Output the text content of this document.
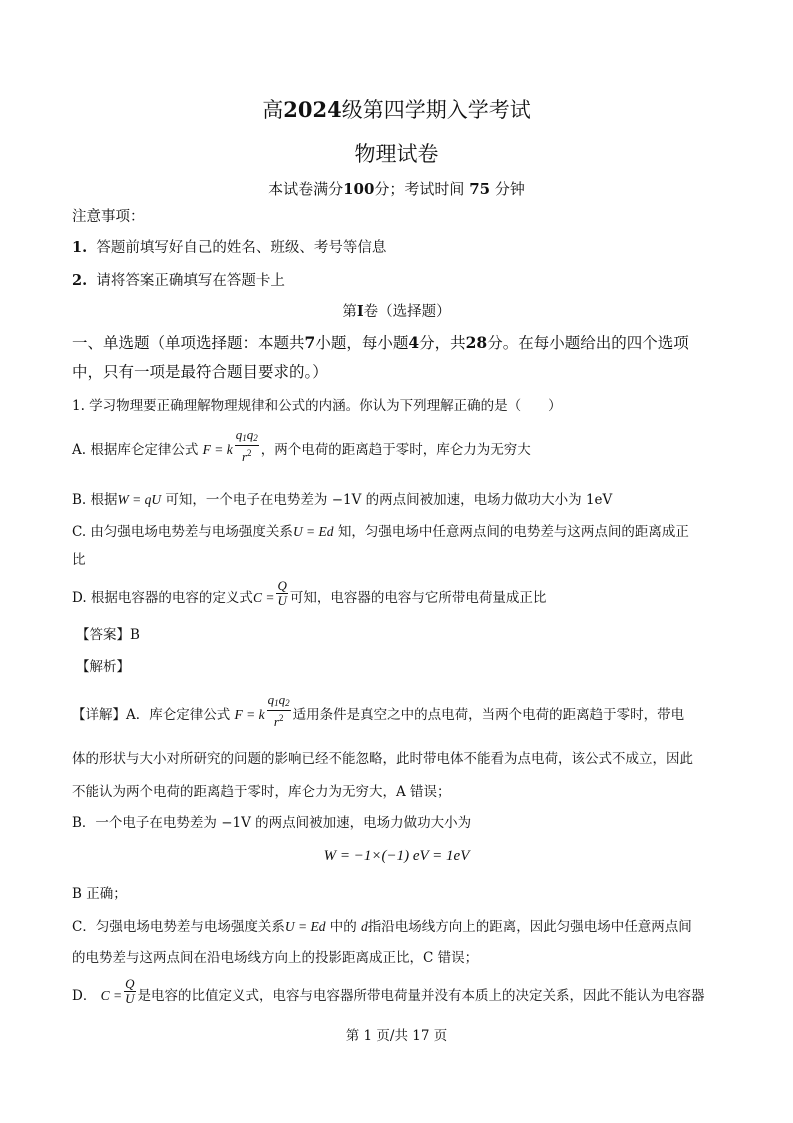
高2024级第四学期入学考试
物理试卷
本试卷满分100分；考试时间 75 分钟
注意事项：
1. 答题前填写好自己的姓名、班级、考号等信息
2. 请将答案正确填写在答题卡上
第I卷（选择题）
一、单选题（单项选择题：本题共7小题，每小题4分，共28分。在每小题给出的四个选项
中，只有一项是最符合题目要求的。）
1. 学习物理要正确理解物理规律和公式的内涵。你认为下列理解正确的是（　　）
A. 根据库仑定律公式 F = k $\frac{q_1q_2}{r^2}$ ，两个电荷的距离趋于零时，库仑力为无穷大
B. 根据W = qU 可知，一个电子在电势差为 −1V 的两点间被加速，电场力做功大小为 1eV
C. 由匀强电场电势差与电场强度关系U = Ed 知，匀强电场中任意两点间的电势差与这两点间的距离成正
比
D. 根据电容器的电容的定义式$C = \frac{Q}{U}$ 可知，电容器的电容与它所带电荷量成正比
【答案】B
【解析】
【详解】A．库仑定律公式 F = k $\frac{q_1q_2}{r^2}$ 适用条件是真空之中的点电荷，当两个电荷的距离趋于零时，带电
体的形状与大小对所研究的问题的影响已经不能忽略，此时带电体不能看为点电荷，该公式不成立，因此
不能认为两个电荷的距离趋于零时，库仑力为无穷大，A 错误；
B．一个电子在电势差为 −1V 的两点间被加速，电场力做功大小为
W = −1×(−1) eV = 1eV
B 正确；
C．匀强电场电势差与电场强度关系U = Ed 中的 d指沿电场线方向上的距离，因此匀强电场中任意两点间
的电势差与这两点间在沿电场线方向上的投影距离成正比，C 错误；
D． $C = \frac{Q}{U}$ 是电容的比值定义式，电容与电容器所带电荷量并没有本质上的决定关系，因此不能认为电容器
第 1 页/共 17 页
